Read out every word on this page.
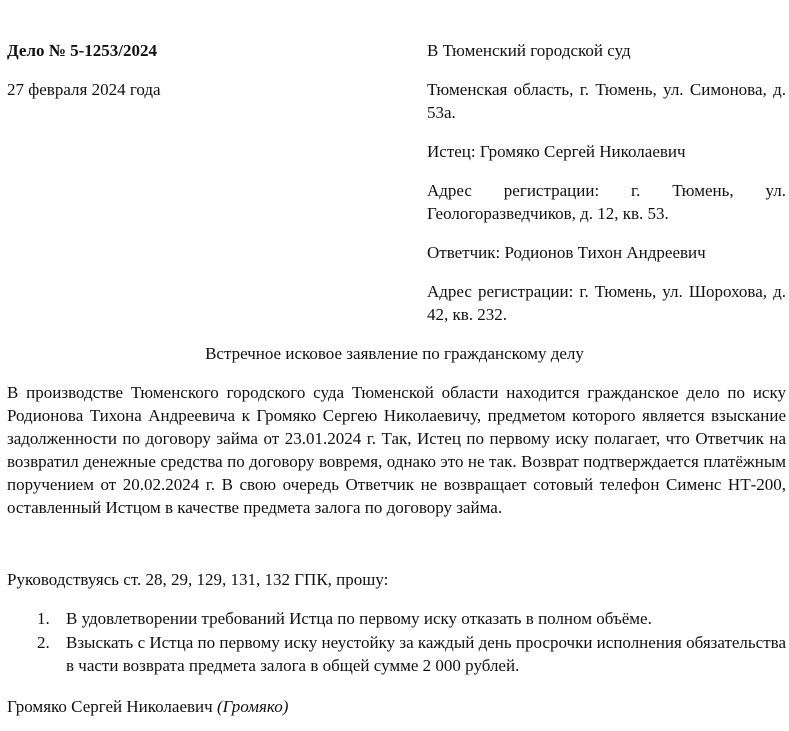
Дело № 5-1253/2024

27 февраля 2024 года

В Тюменский городской суд

Тюменская область, г. Тюмень, ул. Симонова, д. 53а.

Истец: Громяко Сергей Николаевич

Адрес регистрации: г. Тюмень, ул. Геологоразведчиков, д. 12, кв. 53.

Ответчик: Родионов Тихон Андреевич

Адрес регистрации: г. Тюмень, ул. Шорохова, д. 42, кв. 232.

Встречное исковое заявление по гражданскому делу

В производстве Тюменского городского суда Тюменской области находится гражданское дело по иску Родионова Тихона Андреевича к Громяко Сергею Николаевичу, предметом которого является взыскание задолженности по договору займа от 23.01.2024 г. Так, Истец по первому иску полагает, что Ответчик на возвратил денежные средства по договору вовремя, однако это не так. Возврат подтверждается платёжным поручением от 20.02.2024 г. В свою очередь Ответчик не возвращает сотовый телефон Сименс НТ-200, оставленный Истцом в качестве предмета залога по договору займа.

Руководствуясь ст. 28, 29, 129, 131, 132 ГПК, прошу:

1. В удовлетворении требований Истца по первому иску отказать в полном объёме.
2. Взыскать с Истца по первому иску неустойку за каждый день просрочки исполнения обязательства в части возврата предмета залога в общей сумме 2 000 рублей.

Громяко Сергей Николаевич (Громяко)
